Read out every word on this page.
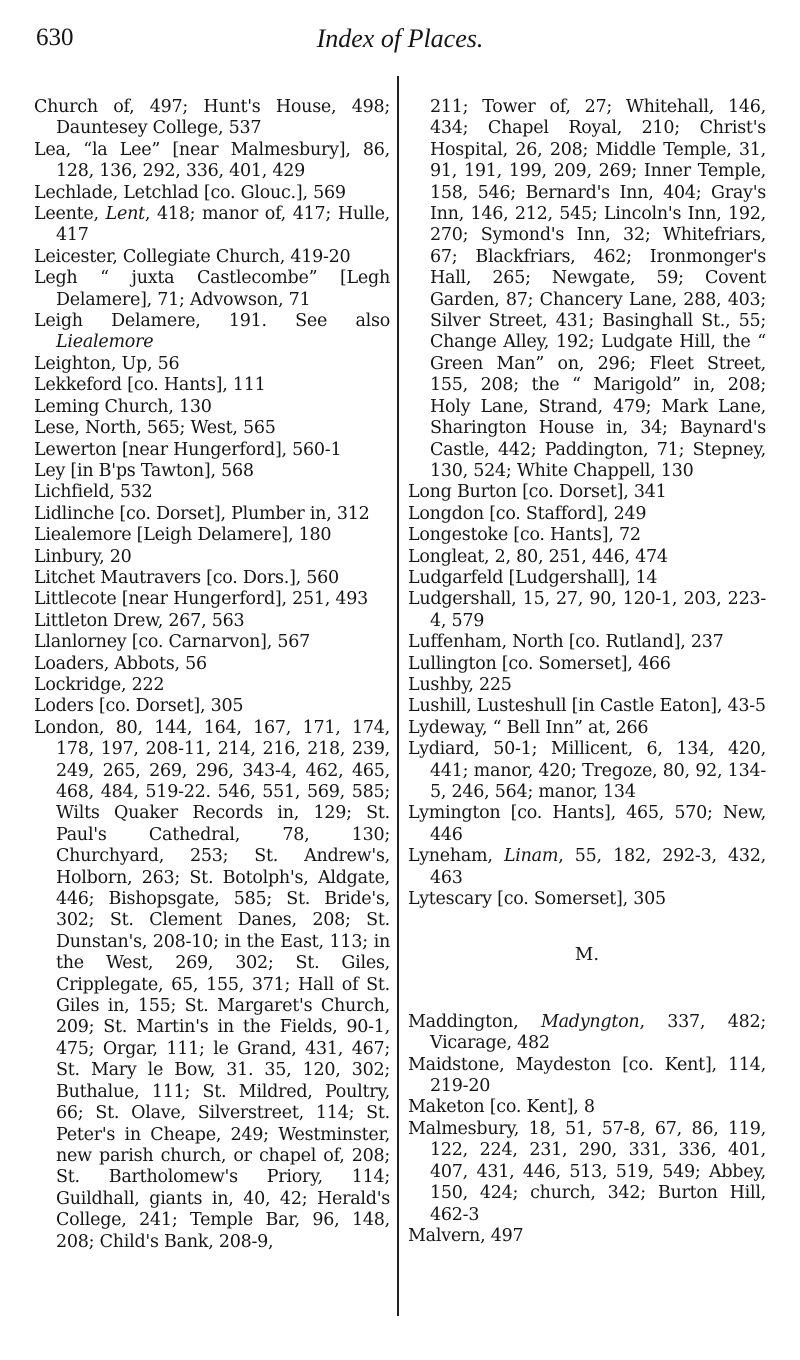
630	Index of Places.

Church of, 497; Hunt's House, 498; Dauntesey College, 537

Lea, “la Lee” [near Malmesbury], 86, 128, 136, 292, 336, 401, 429

Lechlade, Letchlad [co. Glouc.], 569

Leente, Lent, 418; manor of, 417; Hulle, 417

Leicester, Collegiate Church, 419-20

Legh “ juxta Castlecombe” [Legh Delamere], 71; Advowson, 71

Leigh Delamere, 191. See also Liealemore

Leighton, Up, 56

Lekkeford [co. Hants], 111

Leming Church, 130

Lese, North, 565; West, 565

Lewerton [near Hungerford], 560-1

Ley [in B'ps Tawton], 568

Lichfield, 532

Lidlinche [co. Dorset], Plumber in, 312

Liealemore [Leigh Delamere], 180

Linbury, 20

Litchet Mautravers [co. Dors.], 560

Littlecote [near Hungerford], 251, 493

Littleton Drew, 267, 563

Llanlorney [co. Carnarvon], 567

Loaders, Abbots, 56

Lockridge, 222

Loders [co. Dorset], 305

London, 80, 144, 164, 167, 171, 174, 178, 197, 208-11, 214, 216, 218, 239, 249, 265, 269, 296, 343-4, 462, 465, 468, 484, 519-22. 546, 551, 569, 585; Wilts Quaker Records in, 129; St. Paul's Cathedral, 78, 130; Churchyard, 253; St. Andrew's, Holborn, 263; St. Botolph's, Aldgate, 446; Bishopsgate, 585; St. Bride's, 302; St. Clement Danes, 208; St. Dunstan's, 208-10; in the East, 113; in the West, 269, 302; St. Giles, Cripplegate, 65, 155, 371; Hall of St. Giles in, 155; St. Margaret's Church, 209; St. Martin's in the Fields, 90-1, 475; Orgar, 111; le Grand, 431, 467; St. Mary le Bow, 31. 35, 120, 302; Buthalue, 111; St. Mildred, Poultry, 66; St. Olave, Silverstreet, 114; St. Peter's in Cheape, 249; Westminster, new parish church, or chapel of, 208; St. Bartholomew's Priory, 114; Guildhall, giants in, 40, 42; Herald's College, 241; Temple Bar, 96, 148, 208; Child's Bank, 208-9,

211; Tower of, 27; Whitehall, 146, 434; Chapel Royal, 210; Christ's Hospital, 26, 208; Middle Temple, 31, 91, 191, 199, 209, 269; Inner Temple, 158, 546; Bernard's Inn, 404; Gray's Inn, 146, 212, 545; Lincoln's Inn, 192, 270; Symond's Inn, 32; Whitefriars, 67; Blackfriars, 462; Ironmonger's Hall, 265; Newgate, 59; Covent Garden, 87; Chancery Lane, 288, 403; Silver Street, 431; Basinghall St., 55; Change Alley, 192; Ludgate Hill, the “ Green Man” on, 296; Fleet Street, 155, 208; the “ Marigold” in, 208; Holy Lane, Strand, 479; Mark Lane, Sharington House in, 34; Baynard's Castle, 442; Paddington, 71; Stepney, 130, 524; White Chappell, 130

Long Burton [co. Dorset], 341

Longdon [co. Stafford], 249

Longestoke [co. Hants], 72

Longleat, 2, 80, 251, 446, 474

Ludgarfeld [Ludgershall], 14

Ludgershall, 15, 27, 90, 120-1, 203, 223-4, 579

Luffenham, North [co. Rutland], 237

Lullington [co. Somerset], 466

Lushby, 225

Lushill, Lusteshull [in Castle Eaton], 43-5

Lydeway, “ Bell Inn” at, 266

Lydiard, 50-1; Millicent, 6, 134, 420, 441; manor, 420; Tregoze, 80, 92, 134-5, 246, 564; manor, 134

Lymington [co. Hants], 465, 570; New, 446

Lyneham, Linam, 55, 182, 292-3, 432, 463

Lytescary [co. Somerset], 305

M.

Maddington, Madyngton, 337, 482; Vicarage, 482

Maidstone, Maydeston [co. Kent], 114, 219-20

Maketon [co. Kent], 8

Malmesbury, 18, 51, 57-8, 67, 86, 119, 122, 224, 231, 290, 331, 336, 401, 407, 431, 446, 513, 519, 549; Abbey, 150, 424; church, 342; Burton Hill, 462-3

Malvern, 497
